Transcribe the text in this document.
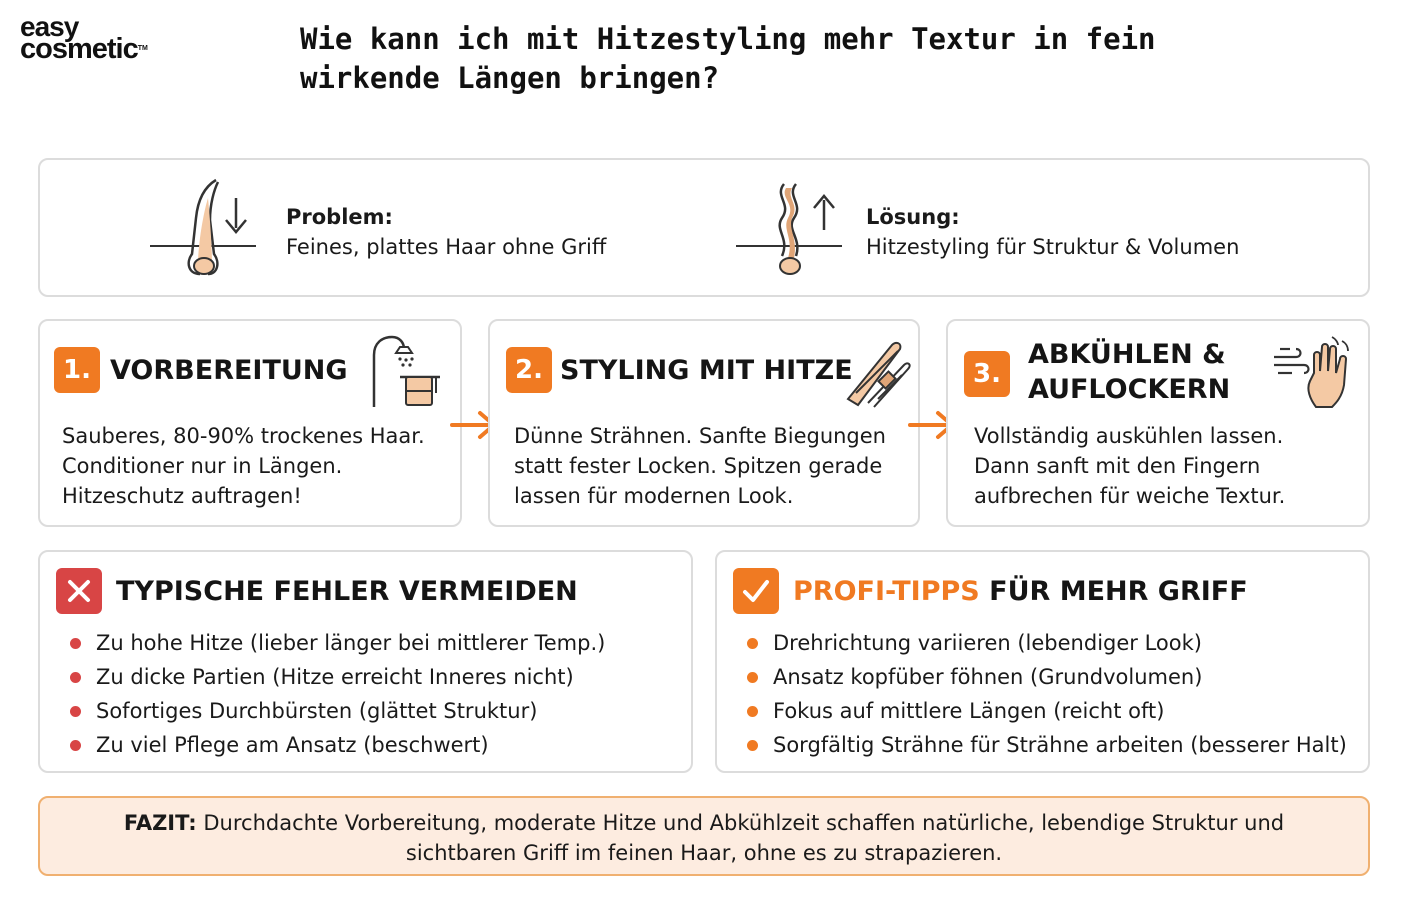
easy
cosmetic™	Wie kann ich mit Hitzestyling mehr Textur in fein wirkende Längen bringen?
Problem:
Feines, plattes Haar ohne Griff
Lösung:
Hitzestyling für Struktur & Volumen
1. VORBEREITUNG
Sauberes, 80-90% trockenes Haar.
Conditioner nur in Längen.
Hitzeschutz auftragen!
2. STYLING MIT HITZE
Dünne Strähnen. Sanfte Biegungen
statt fester Locken. Spitzen gerade
lassen für modernen Look.
3.
ABKÜHLEN &
AUFLOCKERN
Vollständig auskühlen lassen.
Dann sanft mit den Fingern
aufbrechen für weiche Textur.
TYPISCHE FEHLER VERMEIDEN
Zu hohe Hitze (lieber länger bei mittlerer Temp.)
Zu dicke Partien (Hitze erreicht Inneres nicht)
Sofortiges Durchbürsten (glättet Struktur)
Zu viel Pflege am Ansatz (beschwert)
PROFI-TIPPS FÜR MEHR GRIFF
Drehrichtung variieren (lebendiger Look)
Ansatz kopfüber föhnen (Grundvolumen)
Fokus auf mittlere Längen (reicht oft)
Sorgfältig Strähne für Strähne arbeiten (besserer Halt)
FAZIT: Durchdachte Vorbereitung, moderate Hitze und Abkühlzeit schaffen natürliche, lebendige Struktur und
sichtbaren Griff im feinen Haar, ohne es zu strapazieren.
